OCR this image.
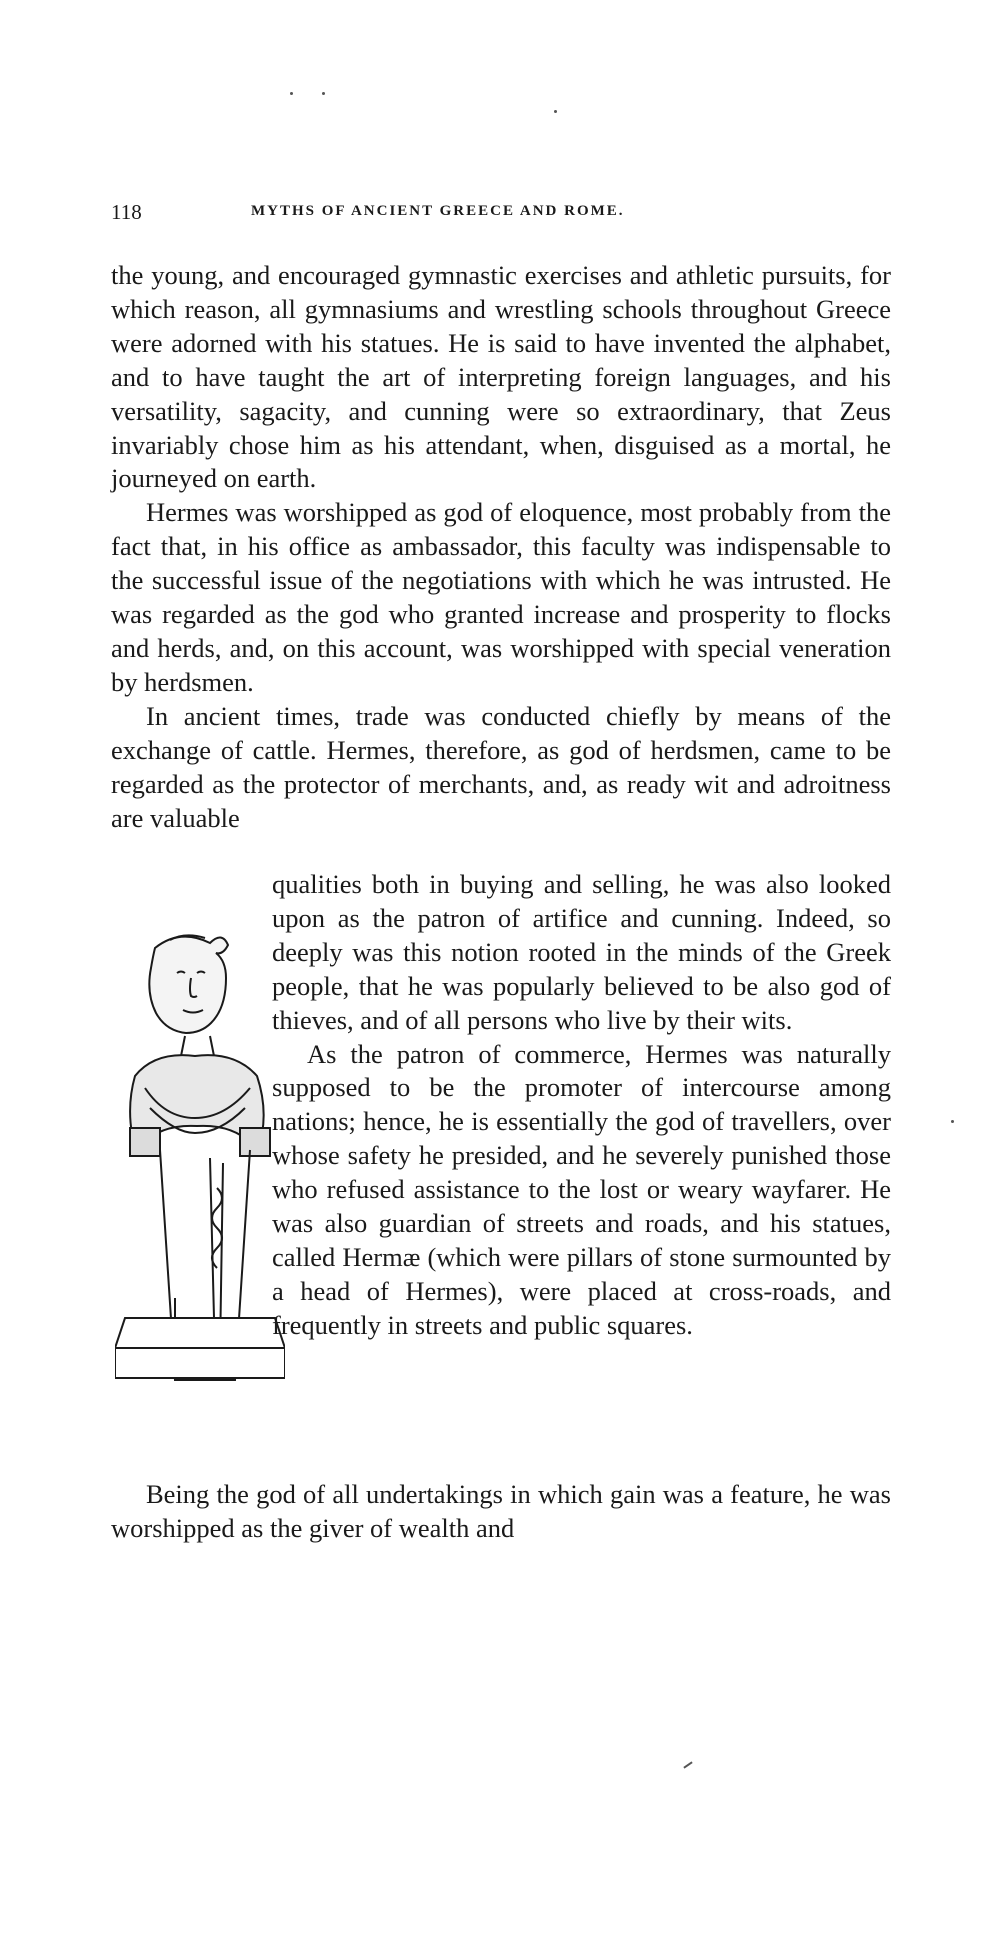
118	MYTHS OF ANCIENT GREECE AND ROME.

the young, and encouraged gymnastic exercises and athletic pursuits, for which reason, all gymnasiums and wrestling schools throughout Greece were adorned with his statues. He is said to have invented the alphabet, and to have taught the art of interpreting foreign languages, and his versatility, sagacity, and cunning were so extraordinary, that Zeus invariably chose him as his attendant, when, disguised as a mortal, he journeyed on earth.

Hermes was worshipped as god of eloquence, most probably from the fact that, in his office as ambassador, this faculty was indispensable to the successful issue of the negotiations with which he was intrusted. He was regarded as the god who granted increase and prosperity to flocks and herds, and, on this account, was worshipped with special veneration by herdsmen.

In ancient times, trade was conducted chiefly by means of the exchange of cattle. Hermes, therefore, as god of herdsmen, came to be regarded as the protector of merchants, and, as ready wit and adroitness are valuable

qualities both in buying and selling, he was also looked upon as the patron of artifice and cunning. Indeed, so deeply was this notion rooted in the minds of the Greek people, that he was popularly believed to be also god of thieves, and of all persons who live by their wits.

As the patron of commerce, Hermes was naturally supposed to be the promoter of intercourse among nations; hence, he is essentially the god of travellers, over whose safety he presided, and he severely punished those who refused assistance to the lost or weary wayfarer. He was also guardian of streets and roads, and his statues, called Hermæ (which were pillars of stone surmounted by a head of Hermes), were placed at cross-roads, and frequently in streets and public squares.

Being the god of all undertakings in which gain was a feature, he was worshipped as the giver of wealth and
